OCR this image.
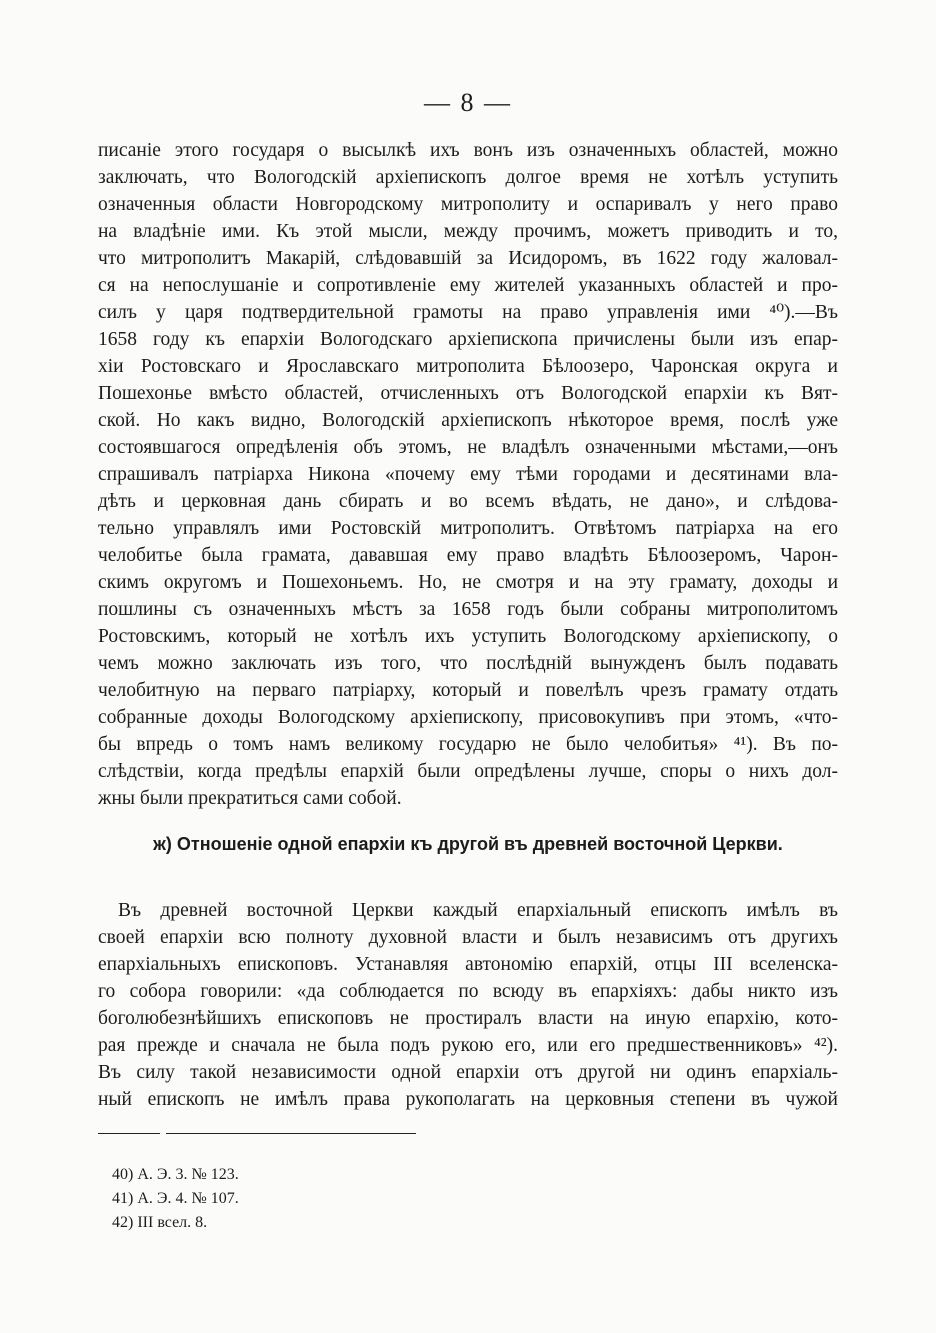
— 8 —
писаніе этого государя о высылкѣ ихъ вонъ изъ означенныхъ областей, можно
заключать, что Вологодскій архіепископъ долгое время не хотѣлъ уступить
означенныя области Новгородскому митрополиту и оспаривалъ у него право
на владѣніе ими. Къ этой мысли, между прочимъ, можетъ приводить и то,
что митрополитъ Макарій, слѣдовавшій за Исидоромъ, въ 1622 году жаловал-
ся на непослушаніе и сопротивленіе ему жителей указанныхъ областей и про-
силъ у царя подтвердительной грамоты на право управленія ими ⁴⁰).—Въ
1658 году къ епархіи Вологодскаго архіепископа причислены были изъ епар-
хіи Ростовскаго и Ярославскаго митрополита Бѣлоозеро, Чаронская округа и
Пошехонье вмѣсто областей, отчисленныхъ отъ Вологодской епархіи къ Вят-
ской. Но какъ видно, Вологодскій архіепископъ нѣкоторое время, послѣ уже
состоявшагося опредѣленія объ этомъ, не владѣлъ означенными мѣстами,—онъ
спрашивалъ патріарха Никона «почему ему тѣми городами и десятинами вла-
дѣть и церковная дань сбирать и во всемъ вѣдать, не дано», и слѣдова-
тельно управлялъ ими Ростовскій митрополитъ. Отвѣтомъ патріарха на его
челобитье была грамата, дававшая ему право владѣть Бѣлоозеромъ, Чарон-
скимъ округомъ и Пошехоньемъ. Но, не смотря и на эту грамату, доходы и
пошлины съ означенныхъ мѣстъ за 1658 годъ были собраны митрополитомъ
Ростовскимъ, который не хотѣлъ ихъ уступить Вологодскому архіепископу, о
чемъ можно заключать изъ того, что послѣдній вынужденъ былъ подавать
челобитную на перваго патріарху, который и повелѣлъ чрезъ грамату отдать
собранные доходы Вологодскому архіепископу, присовокупивъ при этомъ, «что-
бы впредь о томъ намъ великому государю не было челобитья» ⁴¹). Въ по-
слѣдствіи, когда предѣлы епархій были опредѣлены лучше, споры о нихъ дол-
жны были прекратиться сами собой.
ж) Отношеніе одной епархіи къ другой въ древней восточной Церкви.
Въ древней восточной Церкви каждый епархіальный епископъ имѣлъ въ
своей епархіи всю полноту духовной власти и былъ независимъ отъ другихъ
епархіальныхъ епископовъ. Устанавляя автономію епархій, отцы III вселенска-
го собора говорили: «да соблюдается по всюду въ епархіяхъ: дабы никто изъ
боголюбезнѣйшихъ епископовъ не простиралъ власти на иную епархію, кото-
рая прежде и сначала не была подъ рукою его, или его предшественниковъ» ⁴²).
Въ силу такой независимости одной епархіи отъ другой ни одинъ епархіаль-
ный епископъ не имѣлъ права рукополагать на церковныя степени въ чужой
40) А. Э. 3. № 123.
41) А. Э. 4. № 107.
42) III всел. 8.
